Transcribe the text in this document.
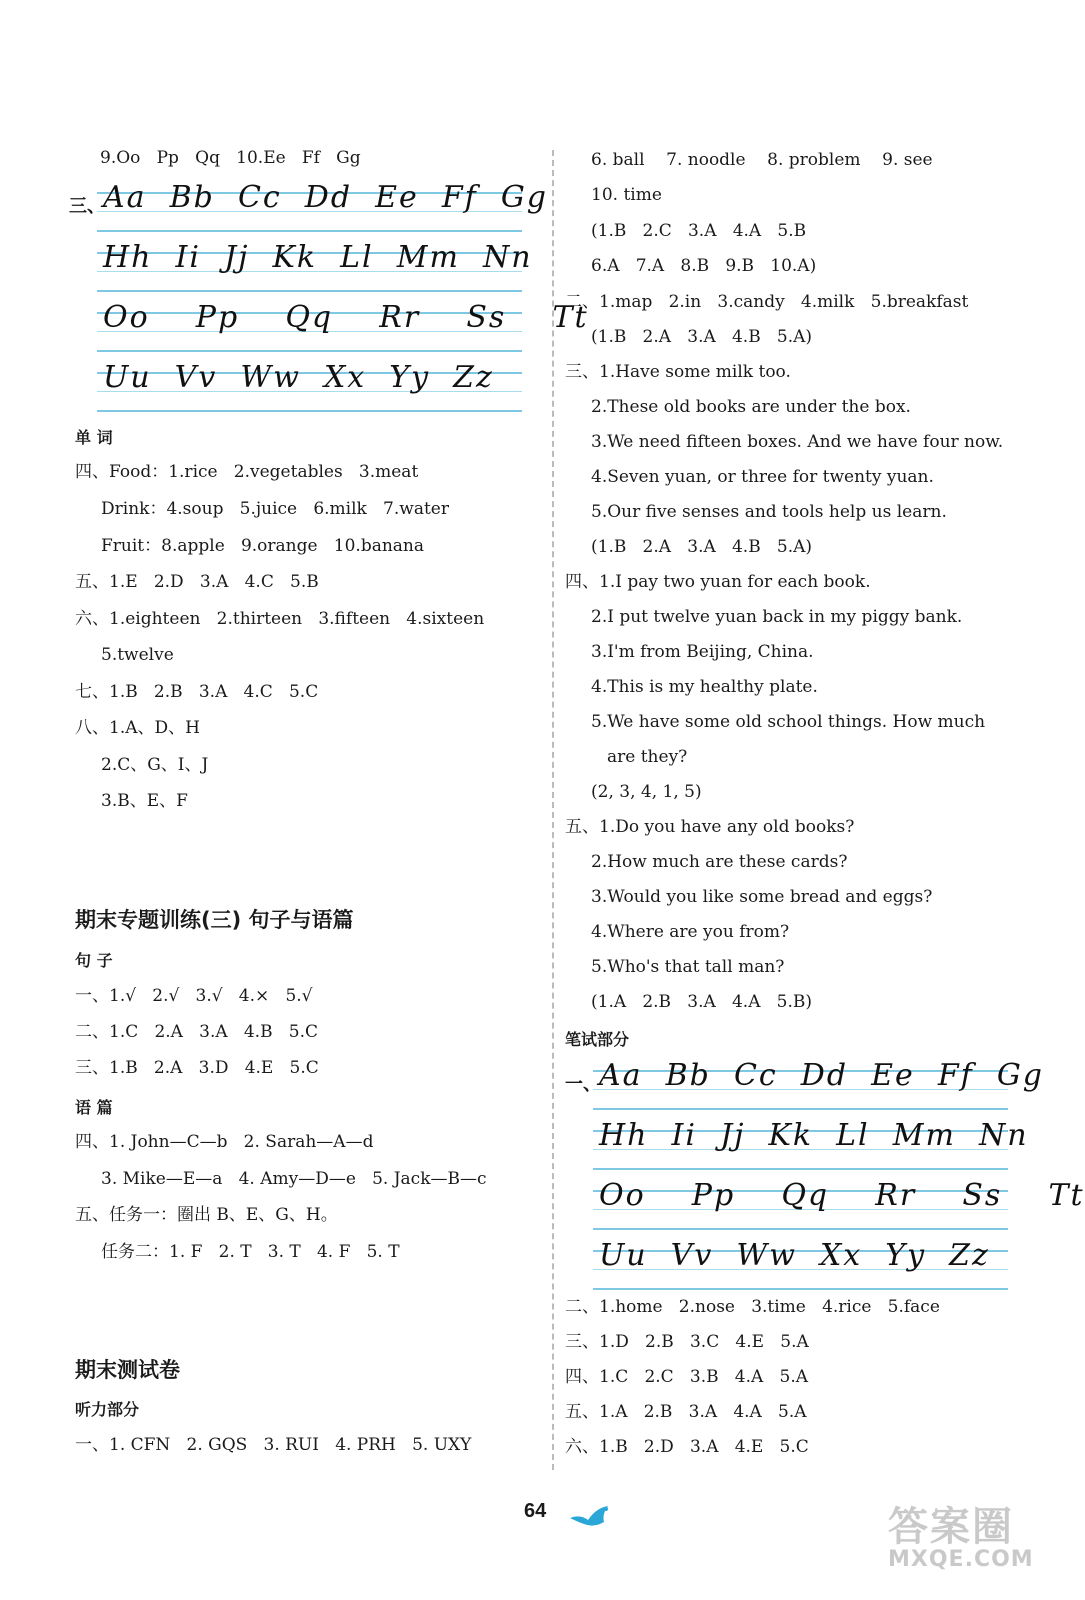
9.Oo   Pp   Qq   10.Ee   Ff   Gg
三、
Aa  Bb  Cc  Dd  Ee  Ff  Gg
Hh  Ii  Jj  Kk  Ll  Mm  Nn
Oo    Pp    Qq    Rr    Ss    Tt
Uu  Vv  Ww  Xx  Yy  Zz
单 词
四、Food：1.rice   2.vegetables   3.meat
Drink：4.soup   5.juice   6.milk   7.water
Fruit：8.apple   9.orange   10.banana
五、1.E   2.D   3.A   4.C   5.B
六、1.eighteen   2.thirteen   3.fifteen   4.sixteen
5.twelve
七、1.B   2.B   3.A   4.C   5.C
八、1.A、D、H
2.C、G、I、J
3.B、E、F
期末专题训练(三) 句子与语篇
句 子
一、1.√   2.√   3.√   4.×   5.√
二、1.C   2.A   3.A   4.B   5.C
三、1.B   2.A   3.D   4.E   5.C
语 篇
四、1. John—C—b   2. Sarah—A—d
3. Mike—E—a   4. Amy—D—e   5. Jack—B—c
五、任务一：圈出 B、E、G、H。
任务二：1. F   2. T   3. T   4. F   5. T
期末测试卷
听力部分
一、1. CFN   2. GQS   3. RUI   4. PRH   5. UXY
6. ball    7. noodle    8. problem    9. see
10. time
(1.B   2.C   3.A   4.A   5.B
6.A   7.A   8.B   9.B   10.A)
二、1.map   2.in   3.candy   4.milk   5.breakfast
(1.B   2.A   3.A   4.B   5.A)
三、1.Have some milk too.
2.These old books are under the box.
3.We need fifteen boxes. And we have four now.
4.Seven yuan, or three for twenty yuan.
5.Our five senses and tools help us learn.
(1.B   2.A   3.A   4.B   5.A)
四、1.I pay two yuan for each book.
2.I put twelve yuan back in my piggy bank.
3.I'm from Beijing, China.
4.This is my healthy plate.
5.We have some old school things. How much
are they?
(2, 3, 4, 1, 5)
五、1.Do you have any old books?
2.How much are these cards?
3.Would you like some bread and eggs?
4.Where are you from?
5.Who's that tall man?
(1.A   2.B   3.A   4.A   5.B)
笔试部分
一、
Aa  Bb  Cc  Dd  Ee  Ff  Gg
Hh  Ii  Jj  Kk  Ll  Mm  Nn
Oo    Pp    Qq    Rr    Ss    Tt
Uu  Vv  Ww  Xx  Yy  Zz
二、1.home   2.nose   3.time   4.rice   5.face
三、1.D   2.B   3.C   4.E   5.A
四、1.C   2.C   3.B   4.A   5.A
五、1.A   2.B   3.A   4.A   5.A
六、1.B   2.D   3.A   4.E   5.C
64	答案圈
MXQE.COM
